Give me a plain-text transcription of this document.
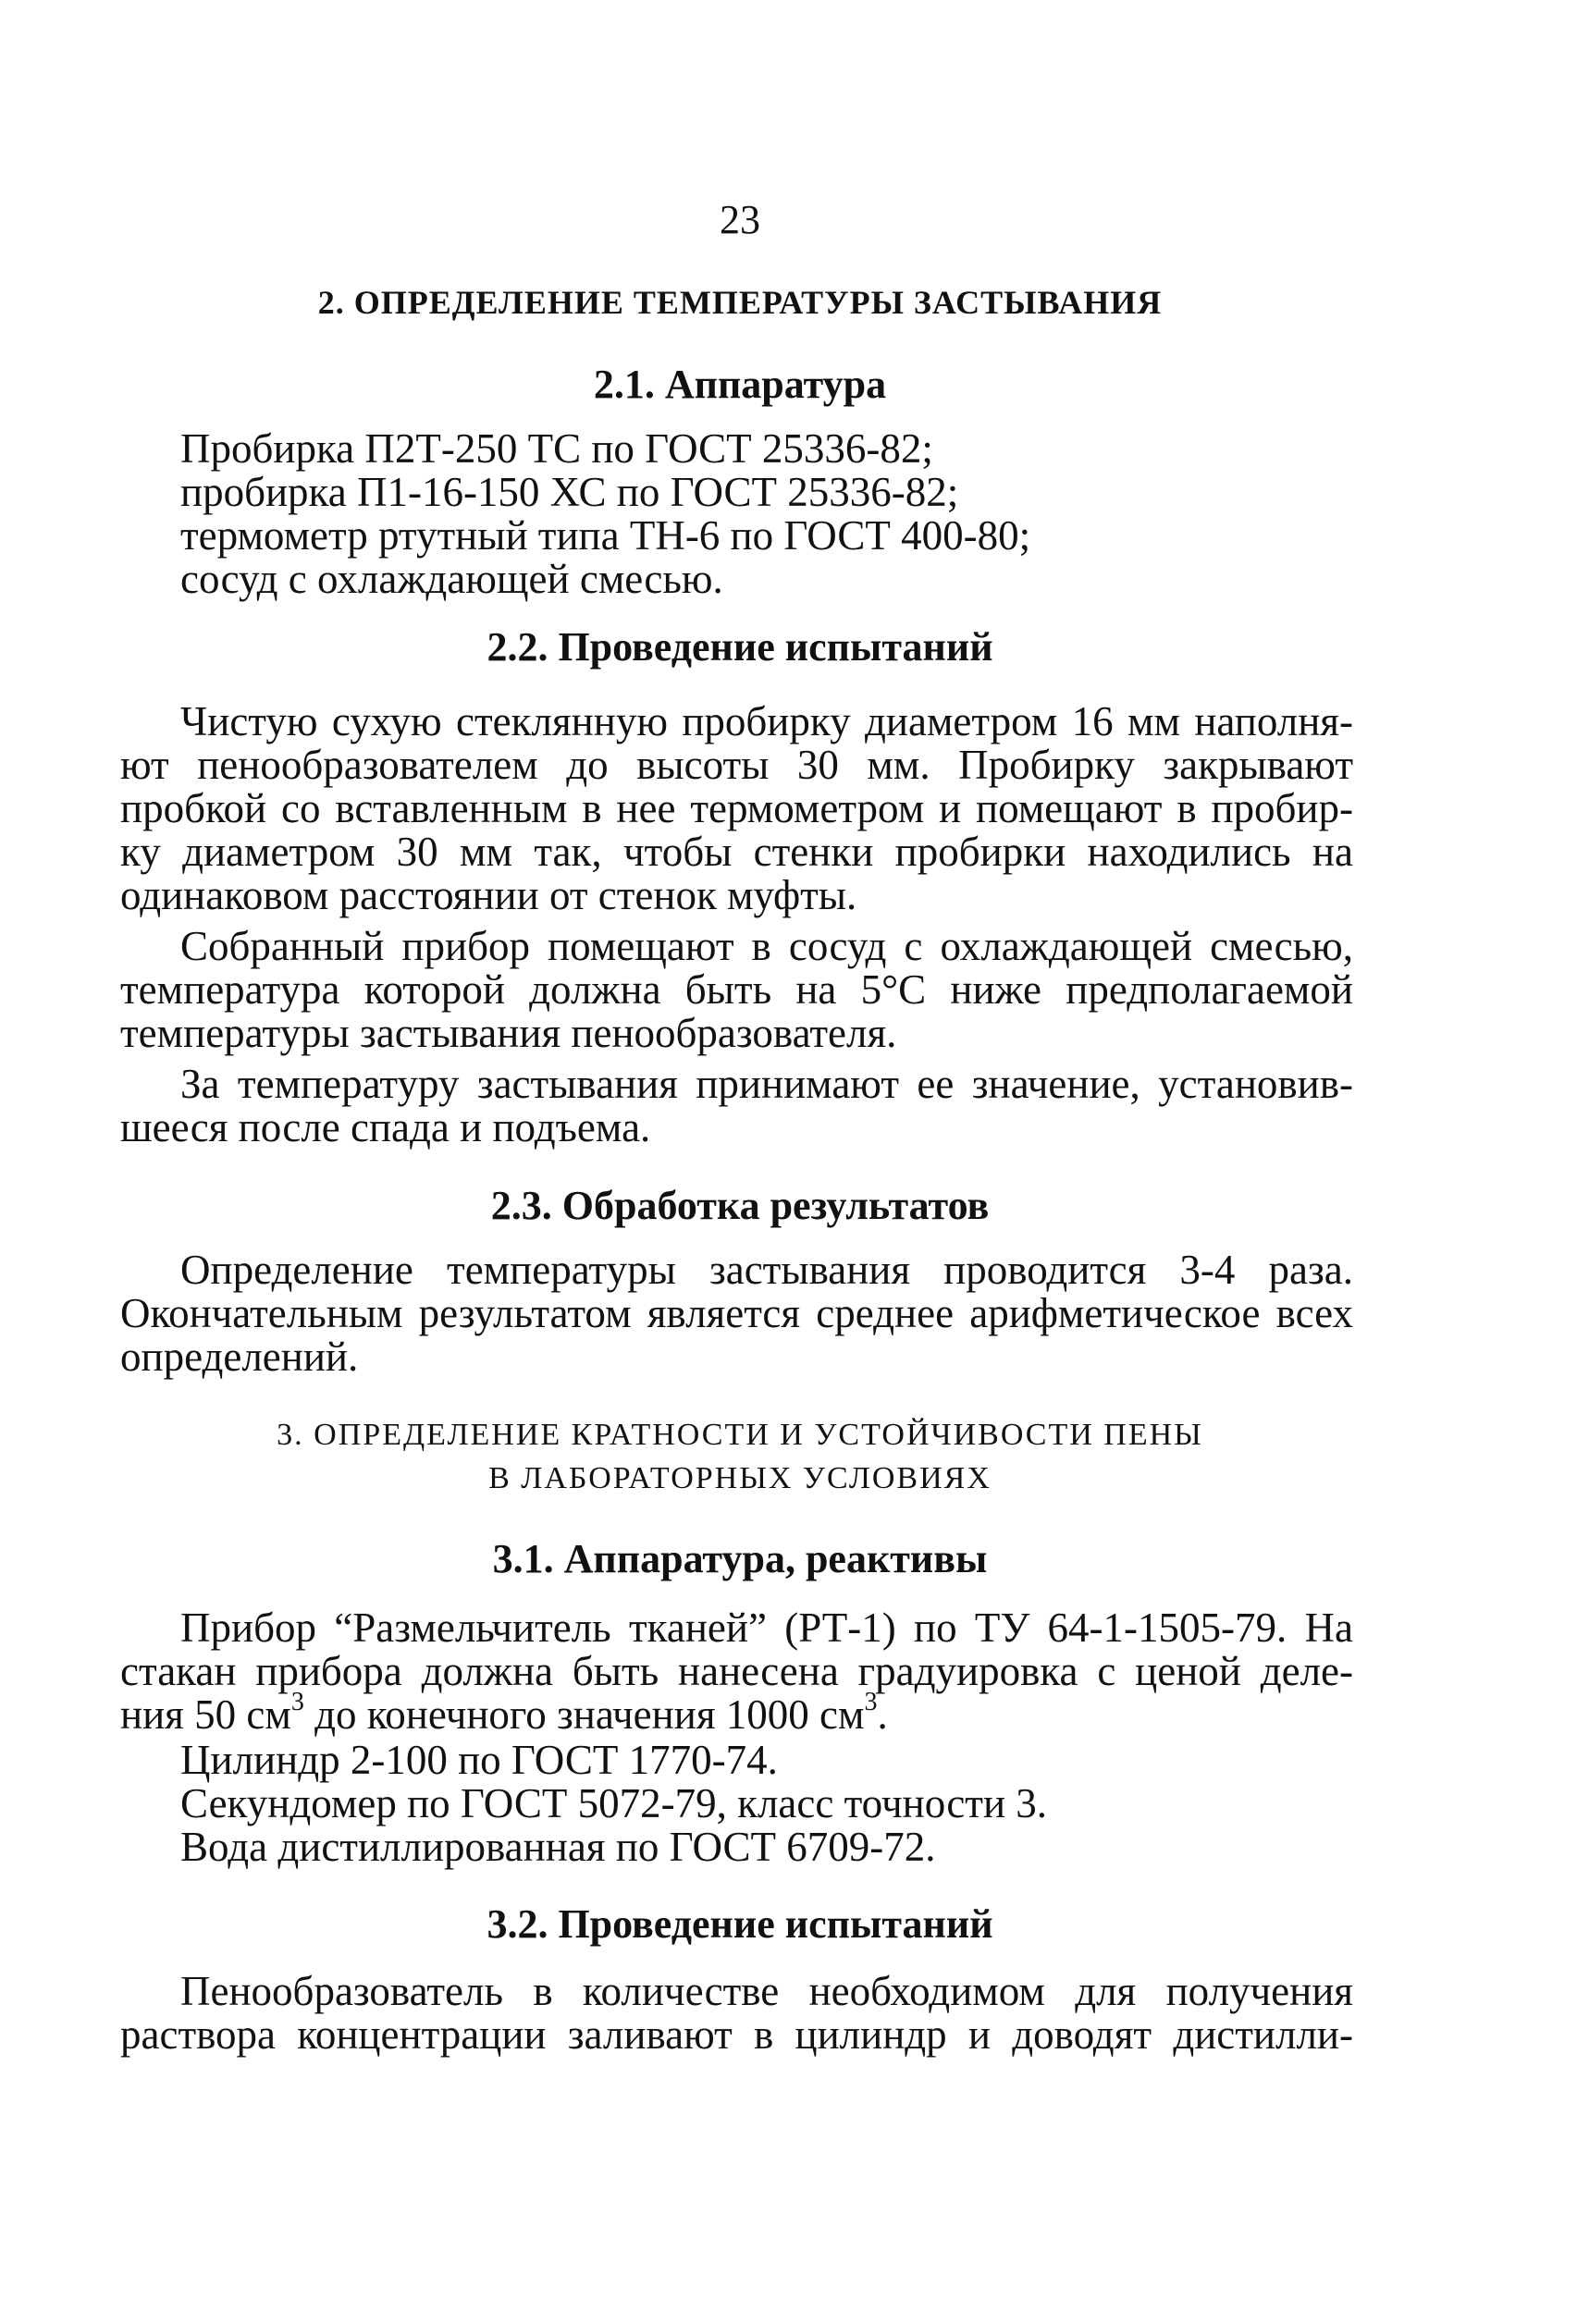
23
2. ОПРЕДЕЛЕНИЕ ТЕМПЕРАТУРЫ ЗАСТЫВАНИЯ
2.1. Аппаратура
Пробирка П2Т-250 ТС по ГОСТ 25336-82;
пробирка П1-16-150 ХС по ГОСТ 25336-82;
термометр ртутный типа ТН-6 по ГОСТ 400-80;
сосуд с охлаждающей смесью.
2.2. Проведение испытаний
Чистую сухую стеклянную пробирку диаметром 16 мм наполня-
ют пенообразователем до высоты 30 мм. Пробирку закрывают
пробкой со вставленным в нее термометром и помещают в пробир-
ку диаметром 30 мм так, чтобы стенки пробирки находились на
одинаковом расстоянии от стенок муфты.
Собранный прибор помещают в сосуд с охлаждающей смесью,
температура которой должна быть на 5°С ниже предполагаемой
температуры застывания пенообразователя.
За температуру застывания принимают ее значение, установив-
шееся после спада и подъема.
2.3. Обработка результатов
Определение температуры застывания проводится 3-4 раза.
Окончательным результатом является среднее арифметическое всех
определений.
3. ОПРЕДЕЛЕНИЕ КРАТНОСТИ И УСТОЙЧИВОСТИ ПЕНЫ
В ЛАБОРАТОРНЫХ УСЛОВИЯХ
3.1. Аппаратура, реактивы
Прибор “Размельчитель тканей” (РТ-1) по ТУ 64-1-1505-79. На
стакан прибора должна быть нанесена градуировка с ценой деле-
ния 50 $см^3$ до конечного значения 1000 $см^3$.
Цилиндр 2-100 по ГОСТ 1770-74.
Секундомер по ГОСТ 5072-79, класс точности 3.
Вода дистиллированная по ГОСТ 6709-72.
3.2. Проведение испытаний
Пенообразователь в количестве необходимом для получения
раствора концентрации заливают в цилиндр и доводят дистилли-
